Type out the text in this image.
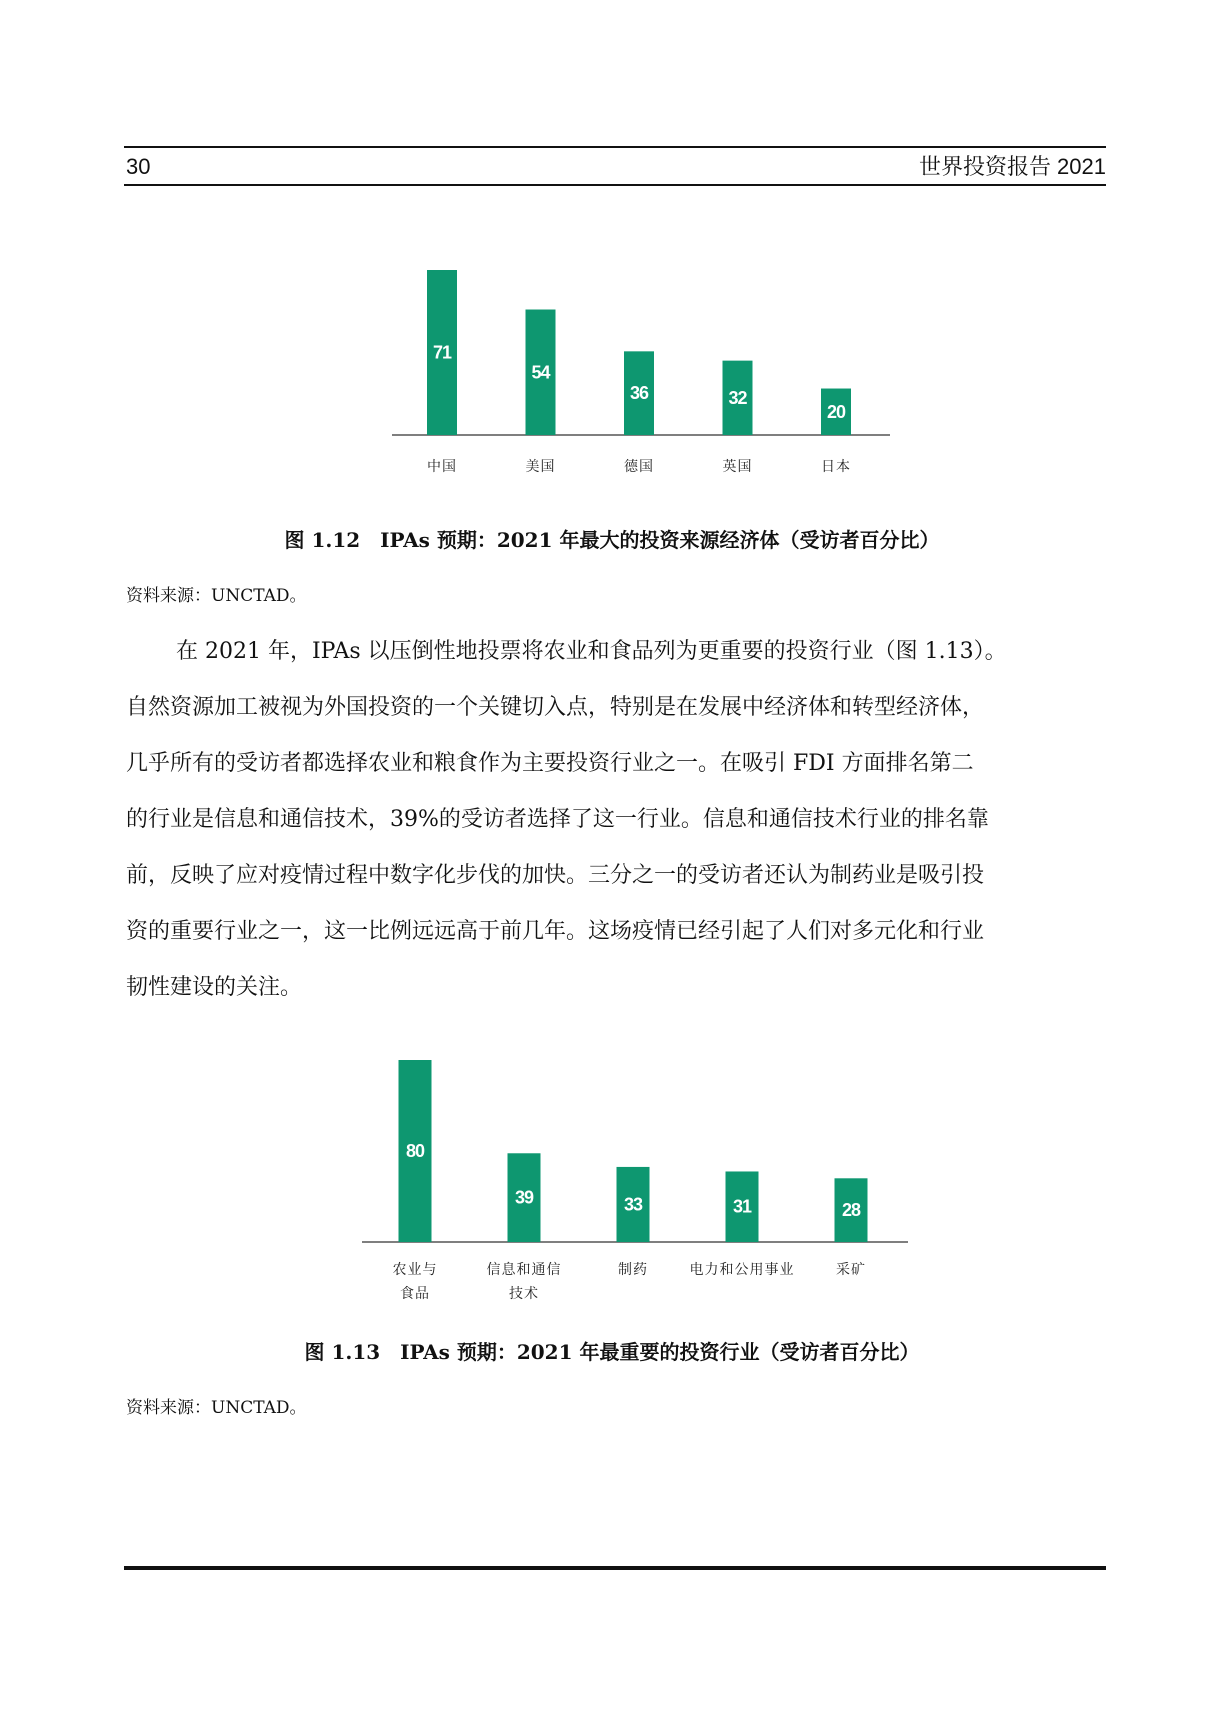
30	世界投资报告 2021
71
中国
54
美国
36
德国
32
英国
20
日本
图 1.12　IPAs 预期：2021 年最大的投资来源经济体（受访者百分比）
资料来源：UNCTAD。
在 2021 年，IPAs 以压倒性地投票将农业和食品列为更重要的投资行业（图 1.13）。
自然资源加工被视为外国投资的一个关键切入点，特别是在发展中经济体和转型经济体，
几乎所有的受访者都选择农业和粮食作为主要投资行业之一。在吸引 FDI 方面排名第二
的行业是信息和通信技术，39%的受访者选择了这一行业。信息和通信技术行业的排名靠
前，反映了应对疫情过程中数字化步伐的加快。三分之一的受访者还认为制药业是吸引投
资的重要行业之一，这一比例远远高于前几年。这场疫情已经引起了人们对多元化和行业
韧性建设的关注。
80
农业与
食品
39
信息和通信
技术
33
制药
31
电力和公用事业
28
采矿
图 1.13　IPAs 预期：2021 年最重要的投资行业（受访者百分比）
资料来源：UNCTAD。
